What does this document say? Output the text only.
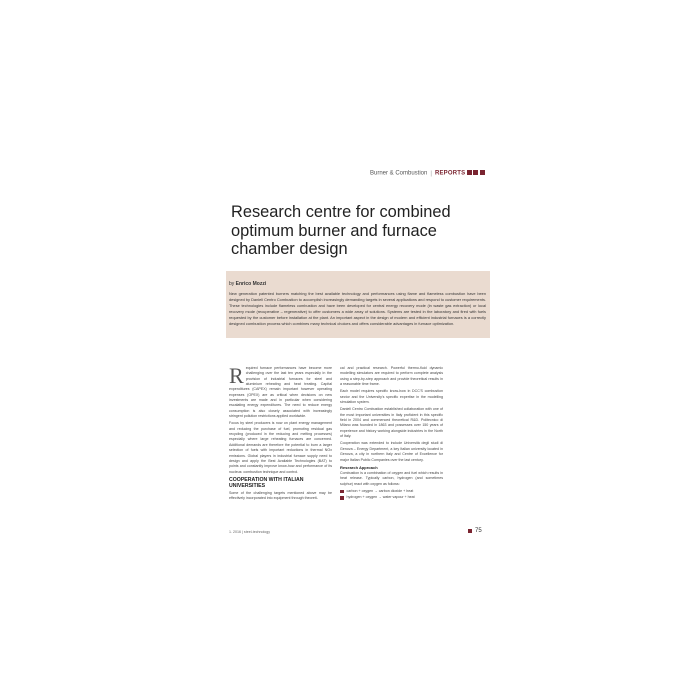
Burner & Combustion | REPORTS
Research centre for combined optimum burner and furnace chamber design
by Enrico Mozzi

New generation patented burners matching the best available technology and performances using flame and flameless combustion have been designed by Danieli Centro Combustion to accomplish increasingly demanding targets in several applications and respond to customer requirements. These technologies include flameless combustion and have been developed for central energy recovery mode (in waste gas extraction) or local recovery mode (recuperative – regenerative) to offer customers a wide array of solutions. Systems are tested in the laboratory and fired with fuels requested by the customer before installation at the plant. An important aspect in the design of modern and efficient industrial furnaces is a correctly designed combustion process which combines many technical choices and offers considerable advantages in furnace optimization.

Required furnace performances have become more challenging over the last ten years especially in the provision of industrial furnaces for steel and aluminium reheating and heat treating. Capital expenditures (CAPEX) remain important however operating expenses (OPEX) are as critical when decisions on new investments are made and in particular when considering escalating energy expenditures. The need to reduce energy consumption is also closely associated with increasingly stringent pollution restrictions applied worldwide.

Focus by steel producers is now on plant energy management and reducing the purchase of fuel, promoting residual gas recycling (produced in the reducing and melting processes) especially where large reheating furnaces are concerned. Additional demands are therefore the potential to burn a larger selection of fuels with important reductions in thermal NOx emissions. Global players in industrial furnace supply need to design and apply the Best Available Technologies (BAT) to points and constantly improve know-how and performance of its nucleus: combustion technique and control.

COOPERATION WITH ITALIAN UNIVERSITIES

Some of the challenging targets mentioned above may be effectively incorporated into equipment through theoreti-

cal and practical research. Powerful thermo-fluid dynamic modelling simulators are required to perform complete analysis using a step-by-step approach and provide theoretical results in a reasonable time frame.

Each model requires specific know-how in DCC'S combustion sector and the University's specific expertise in the modelling simulation system.

Danieli Centro Combustion established collaboration with one of the most important universities in Italy proficient in this specific field in 2004 and commenced theoretical R&D. Politecnico di Milano was founded in 1863 and possesses over 150 years of experience and history working alongside industries in the North of Italy.

Cooperation was extended to include Università degli studi di Genova – Energy Department, a key Italian university located in Genova, a city in northern Italy and Centre of Excellence for major Italian Public Companies over the last century.

Research Approach

Combustion is a combination of oxygen and fuel which results in heat release. Typically carbon, hydrogen (and sometimes sulphur) react with oxygen as follows:

carbon + oxygen → carbon dioxide + heat
hydrogen + oxygen → water vapour + heat
1. 2016 | steel-technology	75
